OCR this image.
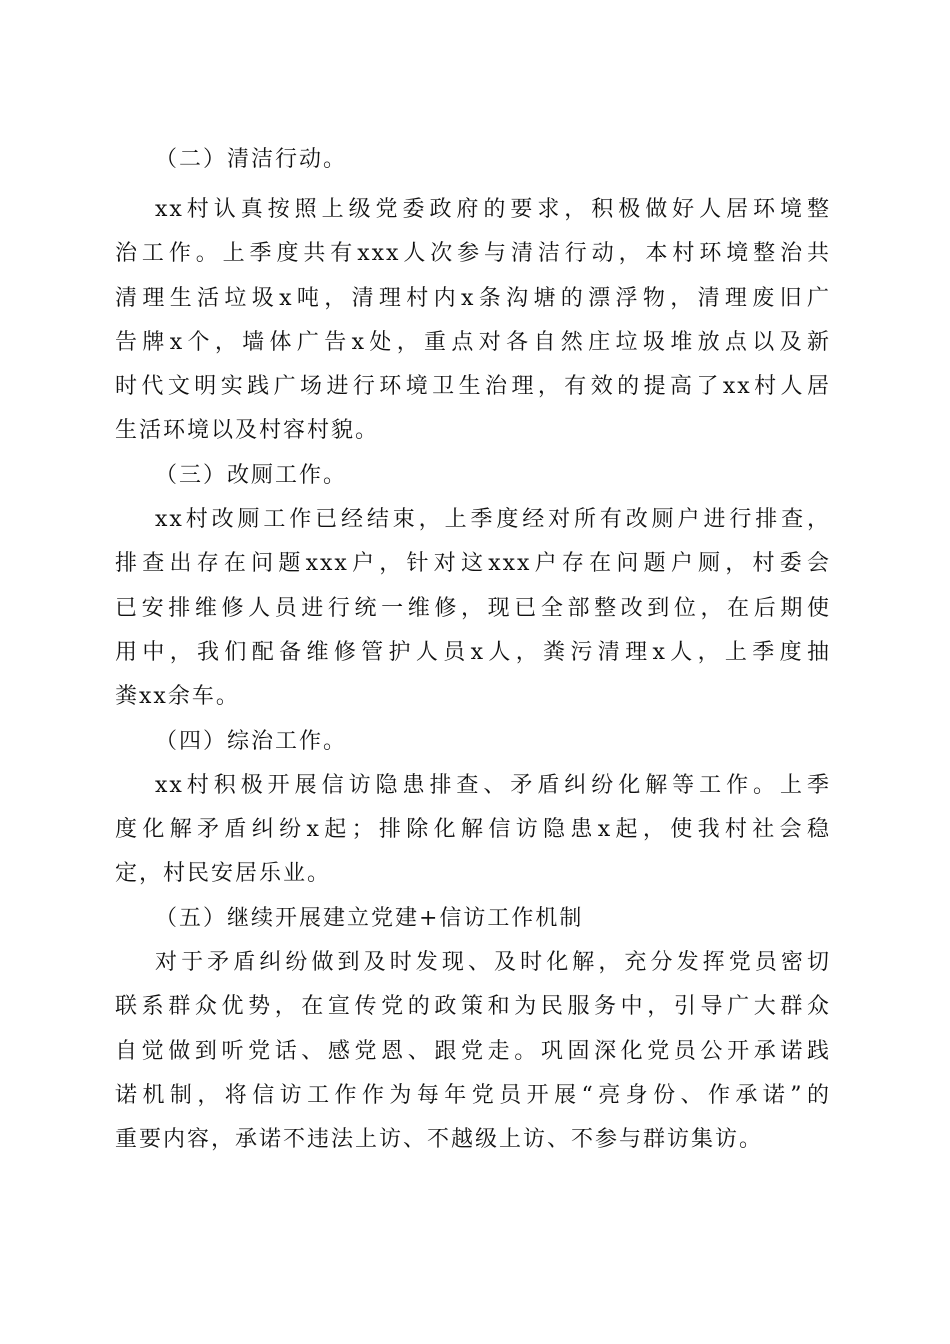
（二）清洁行动。
xx村认真按照上级党委政府的要求，积极做好人居环境整
治工作。上季度共有xxx人次参与清洁行动，本村环境整治共
清理生活垃圾x吨，清理村内x条沟塘的漂浮物，清理废旧广
告牌x个，墙体广告x处，重点对各自然庄垃圾堆放点以及新
时代文明实践广场进行环境卫生治理，有效的提高了xx村人居
生活环境以及村容村貌。
（三）改厕工作。
xx村改厕工作已经结束，上季度经对所有改厕户进行排查，
排查出存在问题xxx户，针对这xxx户存在问题户厕，村委会
已安排维修人员进行统一维修，现已全部整改到位，在后期使
用中，我们配备维修管护人员x人，粪污清理x人，上季度抽
粪xx余车。
（四）综治工作。
xx村积极开展信访隐患排查、矛盾纠纷化解等工作。上季
度化解矛盾纠纷x起；排除化解信访隐患x起，使我村社会稳
定，村民安居乐业。
（五）继续开展建立党建+信访工作机制
对于矛盾纠纷做到及时发现、及时化解，充分发挥党员密切
联系群众优势，在宣传党的政策和为民服务中，引导广大群众
自觉做到听党话、感党恩、跟党走。巩固深化党员公开承诺践
诺机制，将信访工作作为每年党员开展“亮身份、作承诺”的
重要内容，承诺不违法上访、不越级上访、不参与群访集访。
